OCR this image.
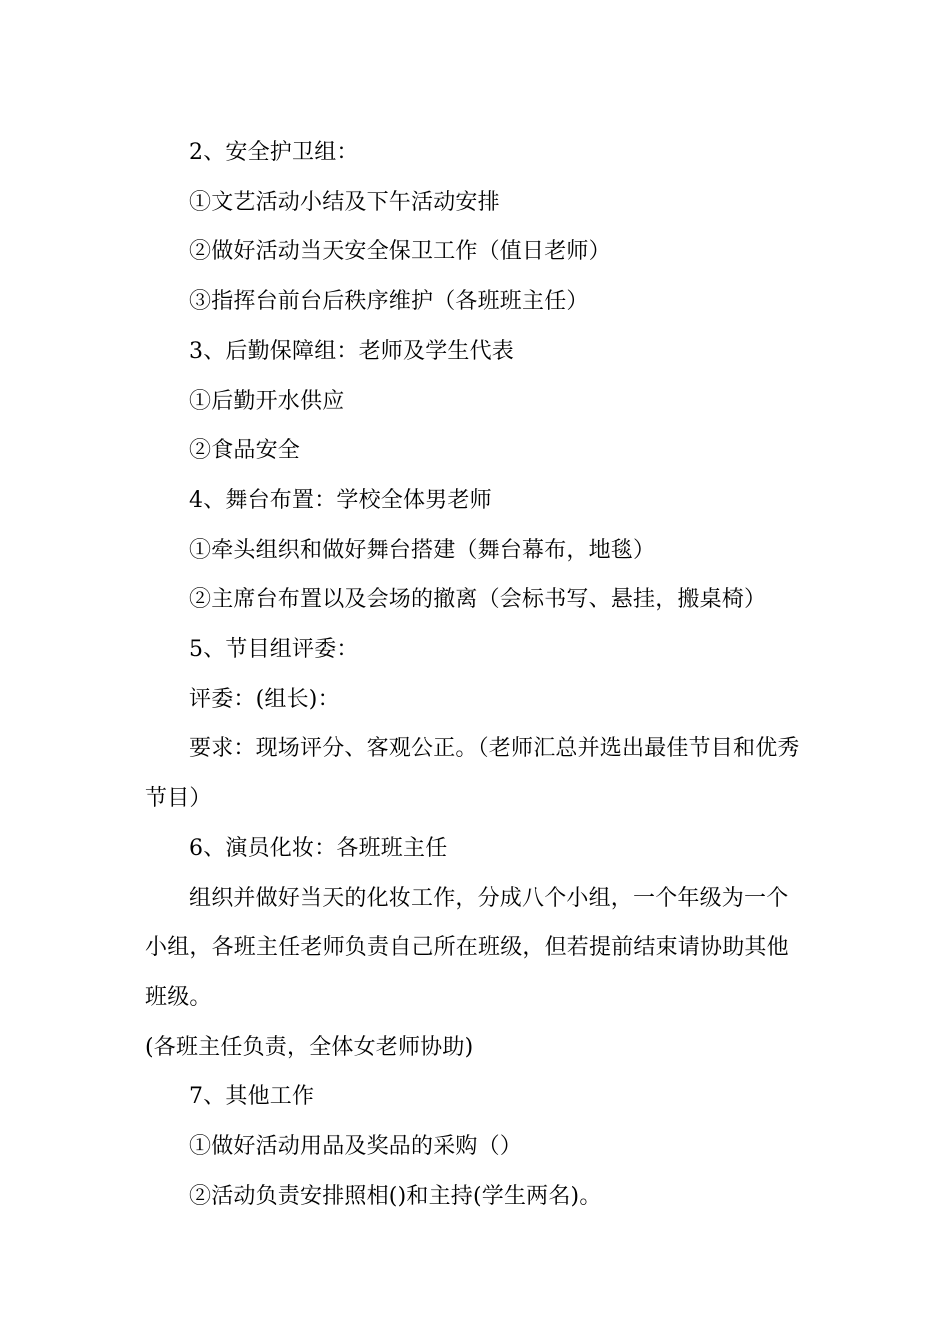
2、安全护卫组：

①文艺活动小结及下午活动安排

②做好活动当天安全保卫工作（值日老师）

③指挥台前台后秩序维护（各班班主任）

3、后勤保障组：老师及学生代表

①后勤开水供应

②食品安全

4、舞台布置：学校全体男老师

①牵头组织和做好舞台搭建（舞台幕布，地毯）

②主席台布置以及会场的撤离（会标书写、悬挂，搬桌椅）

5、节目组评委：

评委：(组长)：

要求：现场评分、客观公正。（老师汇总并选出最佳节目和优秀节目）

6、演员化妆：各班班主任

组织并做好当天的化妆工作，分成八个小组，一个年级为一个小组，各班主任老师负责自己所在班级，但若提前结束请协助其他班级。

(各班主任负责，全体女老师协助)

7、其他工作

①做好活动用品及奖品的采购（）

②活动负责安排照相()和主持(学生两名)。
